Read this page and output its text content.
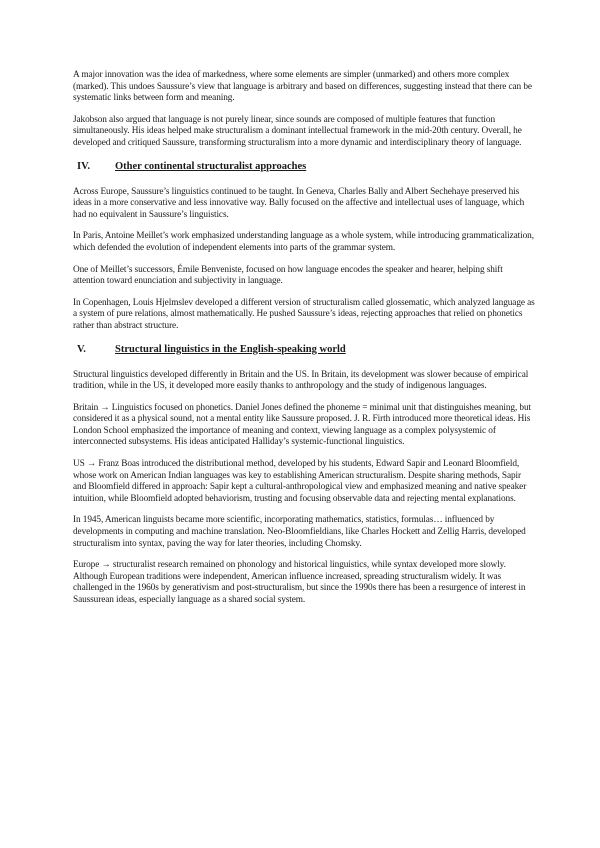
A major innovation was the idea of markedness, where some elements are simpler (unmarked) and others more complex (marked). This undoes Saussure’s view that language is arbitrary and based on differences, suggesting instead that there can be systematic links between form and meaning.

Jakobson also argued that language is not purely linear, since sounds are composed of multiple features that function simultaneously. His ideas helped make structuralism a dominant intellectual framework in the mid-20th century. Overall, he developed and critiqued Saussure, transforming structuralism into a more dynamic and interdisciplinary theory of language.

IV.	Other continental structuralist approaches

Across Europe, Saussure’s linguistics continued to be taught. In Geneva, Charles Bally and Albert Sechehaye preserved his ideas in a more conservative and less innovative way. Bally focused on the affective and intellectual uses of language, which had no equivalent in Saussure’s linguistics.

In Paris, Antoine Meillet’s work emphasized understanding language as a whole system, while introducing grammaticalization, which defended the evolution of independent elements into parts of the grammar system.

One of Meillet’s successors, Émile Benveniste, focused on how language encodes the speaker and hearer, helping shift attention toward enunciation and subjectivity in language.

In Copenhagen, Louis Hjelmslev developed a different version of structuralism called glossematic, which analyzed language as a system of pure relations, almost mathematically. He pushed Saussure’s ideas, rejecting approaches that relied on phonetics rather than abstract structure.

V.	Structural linguistics in the English-speaking world

Structural linguistics developed differently in Britain and the US. In Britain, its development was slower because of empirical tradition, while in the US, it developed more easily thanks to anthropology and the study of indigenous languages.

Britain → Linguistics focused on phonetics. Daniel Jones defined the phoneme = minimal unit that distinguishes meaning, but considered it as a physical sound, not a mental entity like Saussure proposed. J. R. Firth introduced more theoretical ideas. His London School emphasized the importance of meaning and context, viewing language as a complex polysystemic of interconnected subsystems. His ideas anticipated Halliday’s systemic-functional linguistics.

US → Franz Boas introduced the distributional method, developed by his students, Edward Sapir and Leonard Bloomfield, whose work on American Indian languages was key to establishing American structuralism. Despite sharing methods, Sapir and Bloomfield differed in approach: Sapir kept a cultural-anthropological view and emphasized meaning and native speaker intuition, while Bloomfield adopted behaviorism, trusting and focusing observable data and rejecting mental explanations.

In 1945, American linguists became more scientific, incorporating mathematics, statistics, formulas… influenced by developments in computing and machine translation. Neo-Bloomfieldians, like Charles Hockett and Zellig Harris, developed structuralism into syntax, paving the way for later theories, including Chomsky.

Europe → structuralist research remained on phonology and historical linguistics, while syntax developed more slowly. Although European traditions were independent, American influence increased, spreading structuralism widely. It was challenged in the 1960s by generativism and post-structuralism, but since the 1990s there has been a resurgence of interest in Saussurean ideas, especially language as a shared social system.
